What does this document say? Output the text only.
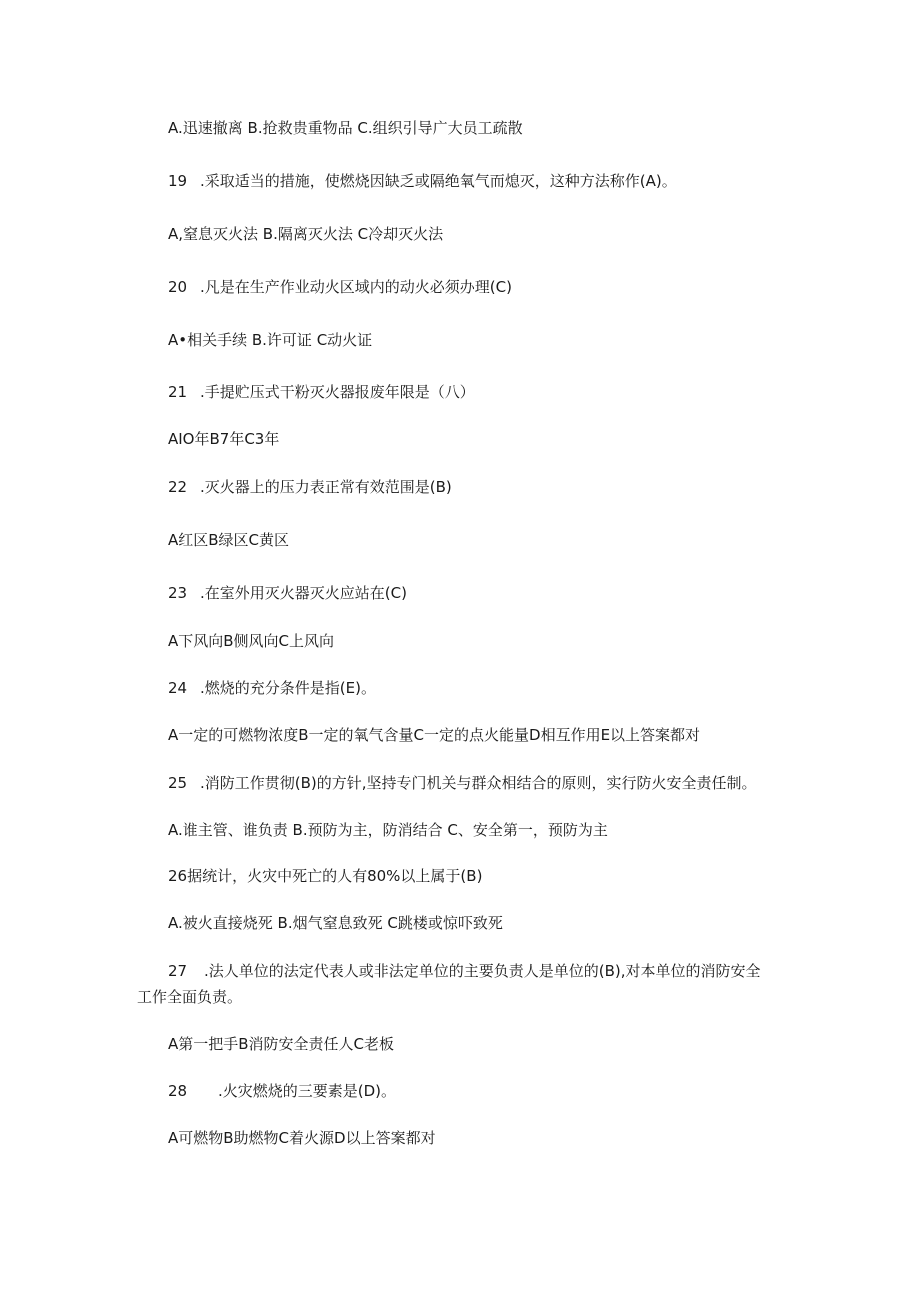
A.迅速撤离 B.抢救贵重物品 C.组织引导广大员工疏散
19 .采取适当的措施，使燃烧因缺乏或隔绝氧气而熄灭，这种方法称作(A)。
A,窒息灭火法 B.隔离灭火法 C冷却灭火法
20 .凡是在生产作业动火区域内的动火必须办理(C)
A•相关手续 B.许可证 C动火证
21 .手提贮压式干粉灭火器报废年限是（八）
AIO年B7年C3年
22 .灭火器上的压力表正常有效范围是(B)
A红区B绿区C黄区
23 .在室外用灭火器灭火应站在(C)
A下风向B侧风向C上风向
24 .燃烧的充分条件是指(E)。
A一定的可燃物浓度B一定的氧气含量C一定的点火能量D相互作用E以上答案都对
25 .消防工作贯彻(B)的方针,坚持专门机关与群众相结合的原则，实行防火安全责任制。
A.谁主管、谁负责 B.预防为主，防消结合 C、安全第一，预防为主
26据统计，火灾中死亡的人有80%以上属于(B)
A.被火直接烧死 B.烟气窒息致死 C跳楼或惊吓致死
27 .法人单位的法定代表人或非法定单位的主要负责人是单位的(B),对本单位的消防安全
工作全面负责。
A第一把手B消防安全责任人C老板
28 .火灾燃烧的三要素是(D)。
A可燃物B助燃物C着火源D以上答案都对
